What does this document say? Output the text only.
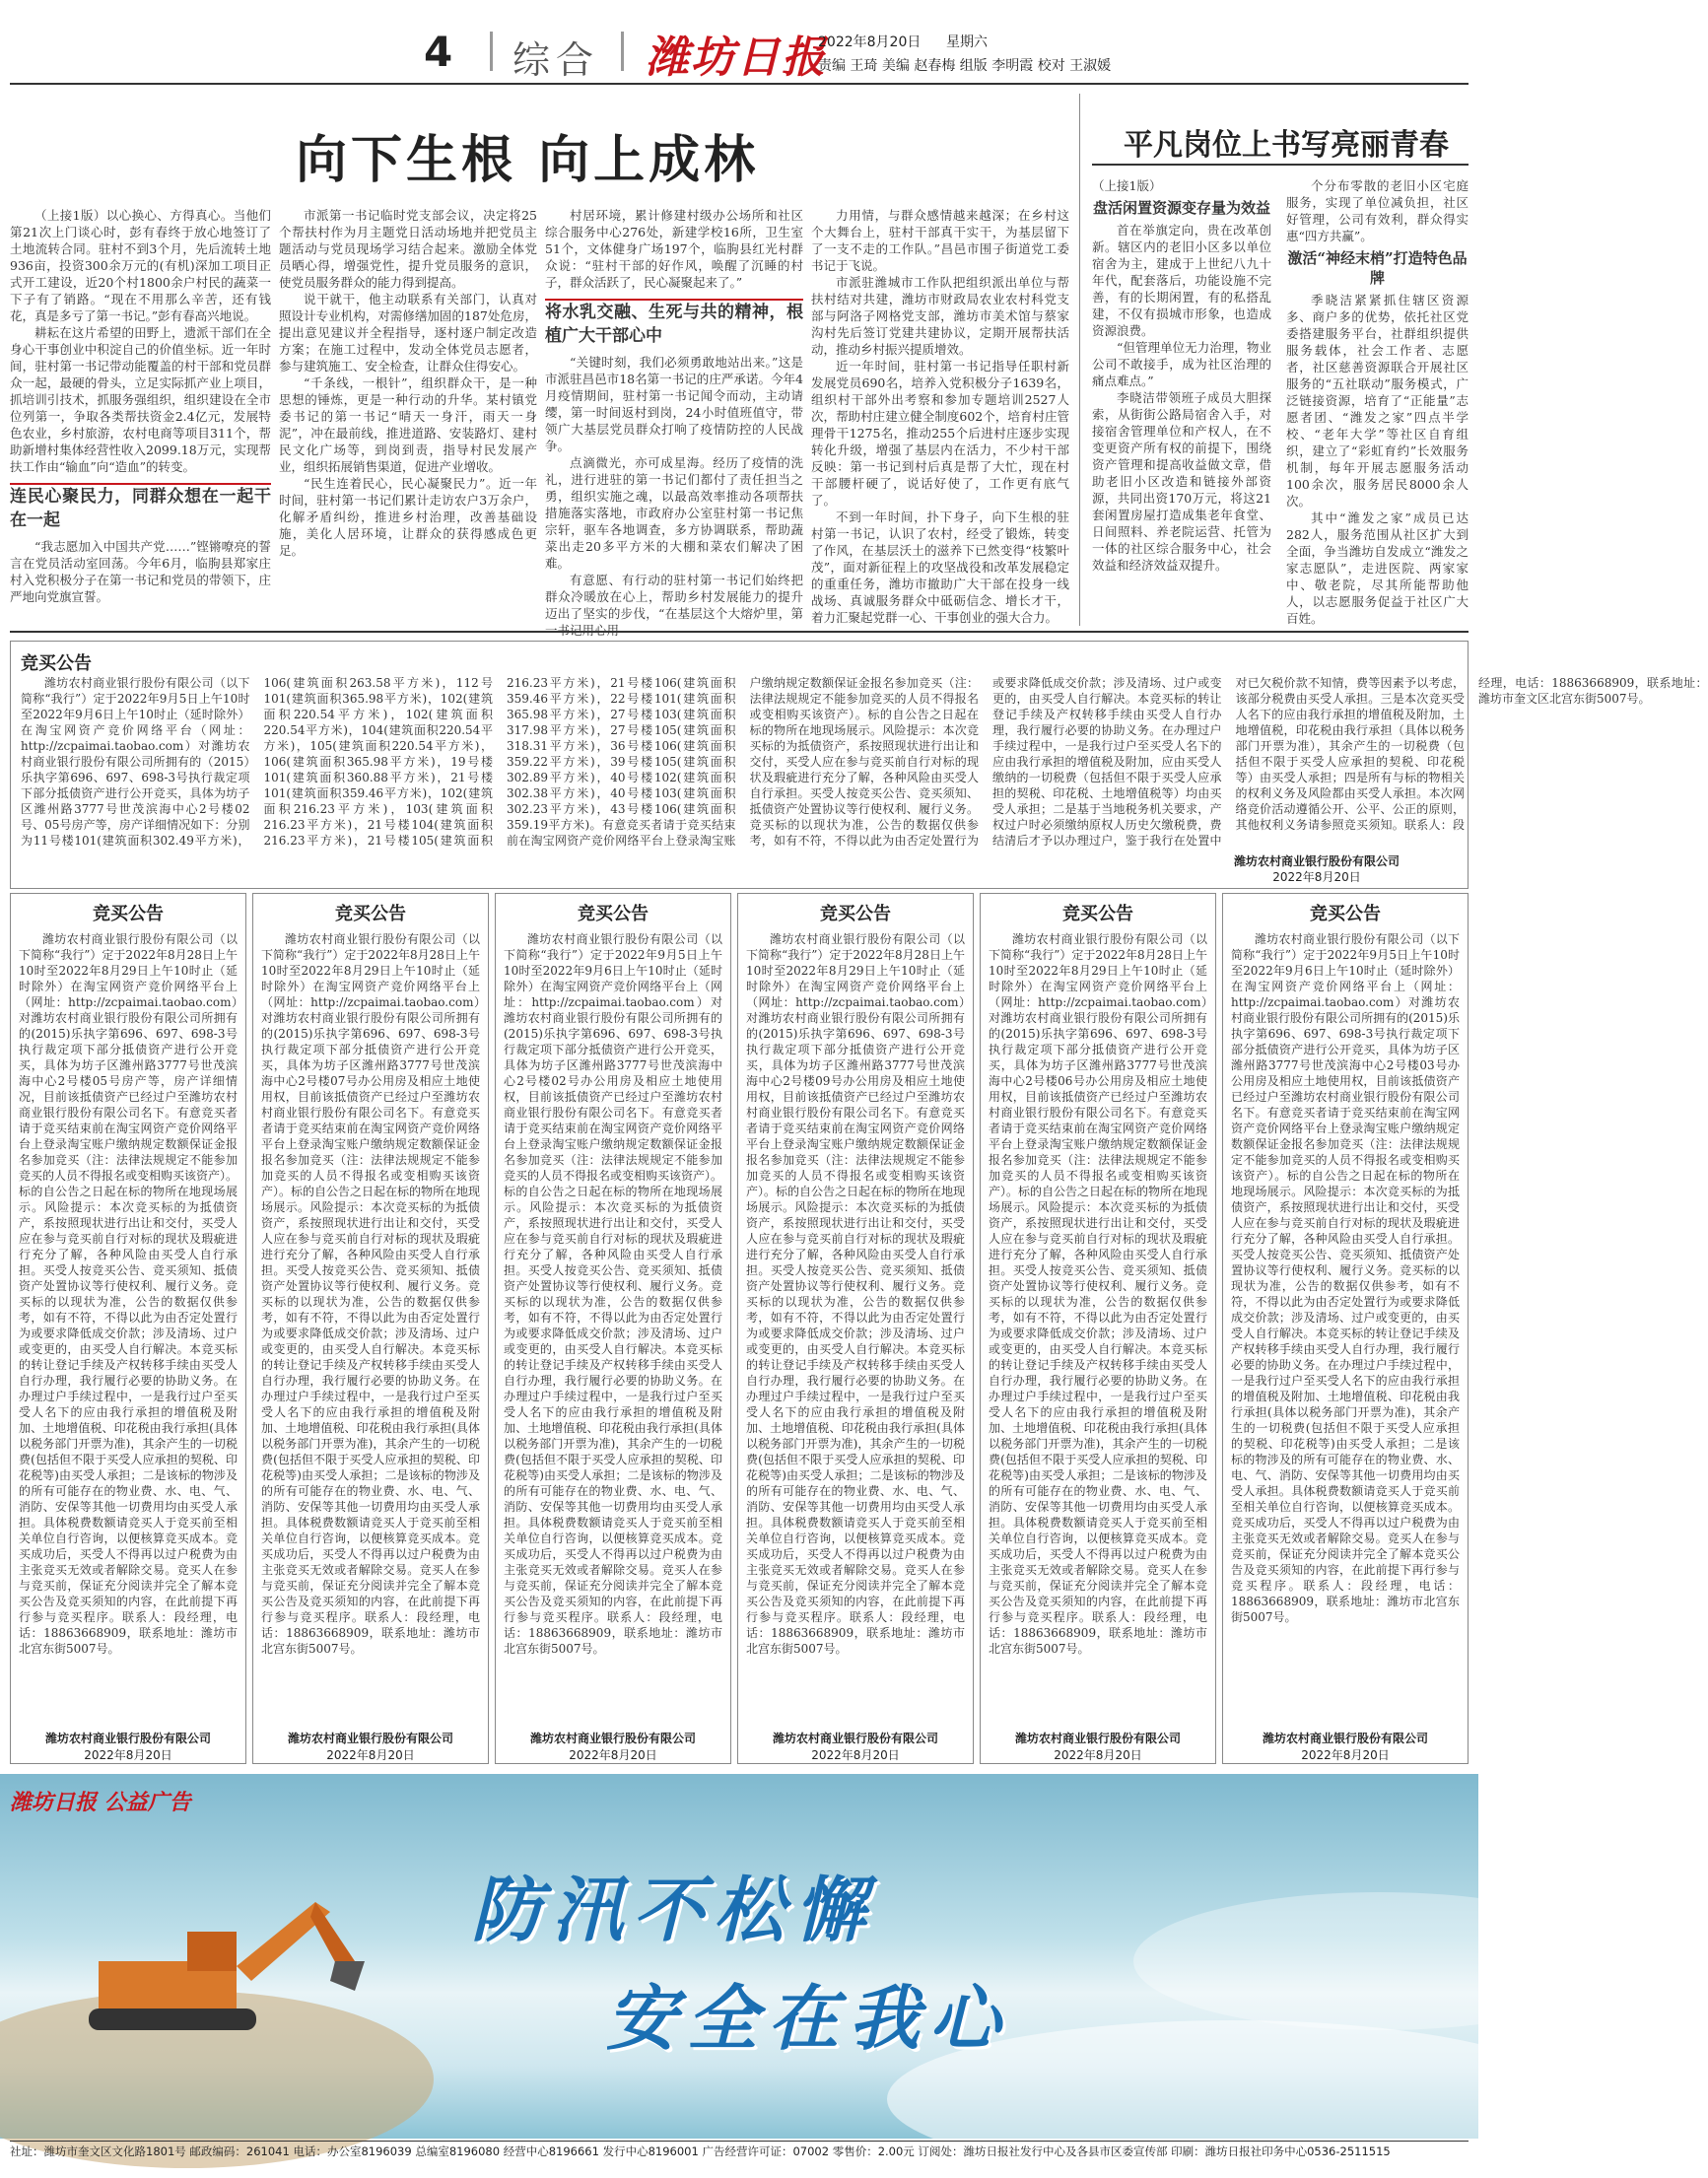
4 综合 潍坊日报
2022年8月20日 星期六
责编 王琦 美编 赵春梅 组版 李明霞 校对 王淑媛
向下生根 向上成林

（上接1版）以心换心、方得真心。当他们第21次上门谈心时，彭有春终于放心地签订了土地流转合同。驻村不到3个月，先后流转土地936亩，投资300余万元的(有机)深加工项目正式开工建设，近20个村1800余户村民的蔬菜一下子有了销路。“现在不用那么辛苦，还有钱花，真是多亏了第一书记。”彭有春高兴地说。

耕耘在这片希望的田野上，遗派干部们在全身心干事创业中积淀自己的价值坐标。近一年时间，驻村第一书记带动能覆盖的村干部和党员群众一起，最硬的骨头，立足实际抓产业上项目，抓培训引技术，抓服务强组织，组织建设在全市位列第一，争取各类帮扶资金2.4亿元，发展特色农业，乡村旅游，农村电商等项目311个，帮助新增村集体经营性收入2099.18万元，实现帮扶工作由“输血”向“造血”的转变。

连民心聚民力，同群众想在一起干在一起

“我志愿加入中国共产党……”铿锵嘹亮的誓言在党员活动室回荡。今年6月，临朐县郑家庄村入党积极分子在第一书记和党员的带领下，庄严地向党旗宣誓。

市派第一书记临时党支部会议，决定将25个帮扶村作为月主题党日活动场地并把党员主题活动与党员现场学习结合起来。激励全体党员晒心得，增强党性，提升党员服务的意识，使党员服务群众的能力得到提高。

说干就干，他主动联系有关部门，认真对照设计专业机构，对需修缮加固的187处危房，提出意见建议并全程指导，逐村逐户制定改造方案；在施工过程中，发动全体党员志愿者，参与建筑施工、安全检查，让群众住得安心。

“千条线，一根针”，组织群众干，是一种思想的锤炼，更是一种行动的升华。某村镇党委书记的第一书记“晴天一身汗，雨天一身泥”，冲在最前线，推进道路、安装路灯、建村民文化广场等，到岗到责，指导村民发展产业，组织拓展销售渠道，促进产业增收。

“民生连着民心，民心凝聚民力”。近一年时间，驻村第一书记们累计走访农户3万余户，化解矛盾纠纷，推进乡村治理，改善基础设施，美化人居环境，让群众的获得感成色更足。

村居环境，累计修建村级办公场所和社区综合服务中心276处，新建学校16所，卫生室51个，文体健身广场197个，临朐县红光村群众说：“驻村干部的好作风，唤醒了沉睡的村子，群众活跃了，民心凝聚起来了。”

将水乳交融、生死与共的精神，根植广大干部心中

“关键时刻，我们必须勇敢地站出来。”这是市派驻昌邑市18名第一书记的庄严承诺。今年4月疫情期间，驻村第一书记闻令而动，主动请缨，第一时间返村到岗，24小时值班值守，带领广大基层党员群众打响了疫情防控的人民战争。

点滴微光，亦可成星海。经历了疫情的洗礼，进行进驻的第一书记们都付了责任担当之勇，组织实施之魂，以最高效率推动各项帮扶措施落实落地，市政府办公室驻村第一书记焦宗轩，驱车各地调查，多方协调联系，帮助蔬菜出走20多平方米的大棚和菜农们解决了困难。

有意愿、有行动的驻村第一书记们始终把群众冷暖放在心上，帮助乡村发展能力的提升迈出了坚实的步伐，“在基层这个大熔炉里，第

力用情，与群众感情越来越深；在乡村这个大舞台上，驻村干部真干实干，为基层留下了一支不走的工作队。”昌邑市围子街道党工委书记于飞说。

市派驻潍城市工作队把组织派出单位与帮扶村结对共建，潍坊市财政局农业农村科党支部与阿洛子网格党支部，潍坊市美术馆与蔡家沟村先后签订党建共建协议，定期开展帮扶活动，推动乡村振兴提质增效。

近一年时间，驻村第一书记指导任职村新发展党员690名，培养入党积极分子1639名，组织村干部外出考察和参加专题培训2527人次，帮助村庄建立健全制度602个，培育村庄管理骨干1275名，推动255个后进村庄逐步实现转化升级，增强了基层内在活力，不少村干部反映：第一书记到村后真是帮了大忙，现在村干部腰杆硬了，说话好使了，工作更有底气了。

不到一年时间，扑下身子，向下生根的驻村第一书记，认识了农村，经受了锻炼，转变了作风，在基层沃土的滋养下已然变得“枝繁叶茂”，面对新征程上的攻坚战役和改革发展稳定的重重任务，潍坊市撤助广大干部在投身一线战场、真诚服务群众中砥砺信念、增长才干，着力汇聚起党群一心、干事创业的强大合力。

平凡岗位上书写亮丽青春
（上接1版）
盘活闲置资源变存量为效益

首在举旗定向，贵在改革创新。辖区内的老旧小区多以单位宿舍为主，建成于上世纪八九十年代，配套落后，功能设施不完善，有的长期闲置，有的私搭乱建，不仅有损城市形象，也造成资源浪费。

“但管理单位无力治理，物业公司不敢接手，成为社区治理的痛点难点。”

李晓洁带领班子成员大胆探索，从街街公路局宿舍入手，对接宿舍管理单位和产权人，在不变更资产所有权的前提下，围绕资产管理和提高收益做文章，借助老旧小区改造和链接外部资源，共同出资170万元，将这21套闲置房屋打造成集老年食堂、日间照料、养老院运营、托管为一体的社区综合服务中心，社会效益和经济效益双提升。

个分布零散的老旧小区宅庭服务，实现了单位减负担，社区好管理，公司有效利，群众得实惠“四方共赢”。

激活“神经末梢”打造特色品牌

季晓洁紧紧抓住辖区资源多、商户多的优势，依托社区党委搭建服务平台，社群组织提供服务载体，社会工作者、志愿者，社区慈善资源联合开展社区服务的“五社联动”服务模式，广泛链接资源，培育了“正能量”志愿者团、“潍发之家”四点半学校、“老年大学”等社区自育组织，建立了“彩虹育约”长效服务机制，每年开展志愿服务活动100余次，服务居民8000余人次。

其中“潍发之家”成员已达282人，服务范围从社区扩大到全面，争当潍坊自发成立“潍发之家志愿队”，走进医院、两家家中、敬老院，尽其所能帮助他人，以志愿服务促益于社区广大百姓。

竞买公告
潍坊农村商业银行股份有限公司（以下简称“我行”）定于2022年9月5日上午10时至2022年9月6日上午10时止（延时除外）在淘宝网资产竞价网络平台（网址：http://zcpaimai.taobao.com）对潍坊农村商业银行股份有限公司所拥有的（2015）乐执字第696、697、698-3号执行裁定项下部分抵债资产进行公开竞买，具体为坊子区潍州路3777号世茂滨海中心2号楼02号、05号房产等，房产详细情况如下：分别为11号楼101(建筑面积302.49平方米)，106(建筑面积263.58平方米)，112号101(建筑面积365.98平方米)，102(建筑面积220.54平方米)，102(建筑面积220.54平方米)，104(建筑面积220.54平方米)，105(建筑面积220.54平方米)，106(建筑面积365.98平方米)，19号楼101(建筑面积360.88平方米)，21号楼101(建筑面积359.46平方米)，102(建筑面积216.23平方米)，103(建筑面积216.23平方米)，21号楼104(建筑面积216.23平方米)，21号楼105(建筑面积216.23平方米)，21号楼106(建筑面积359.46平方米)，22号楼101(建筑面积365.98平方米)，27号楼103(建筑面积317.98平方米)，27号楼105(建筑面积318.31平方米)，36号楼106(建筑面积359.22平方米)，39号楼105(建筑面积302.89平方米)，40号楼102(建筑面积302.38平方米)，40号楼103(建筑面积302.23平方米)，43号楼106(建筑面积359.19平方米)。有意竞买者请于竞买结束前在淘宝网资产竞价网络平台上登录淘宝账户缴纳规定数额保证金报名参加竞买（注：法律法规规定不能参加竞买的人员不得报名或变相购买该资产）。标的自公告之日起在标的物所在地现场展示。风险提示：本次竞买标的为抵债资产，系按照现状进行出让和交付，买受人应在参与竞买前自行对标的现状及瑕疵进行充分了解，各种风险由买受人自行承担。买受人按竞买公告、竞买须知、抵债资产处置协议等行使权利、履行义务。竞买标的以现状为准，公告的数据仅供参考，如有不符，不得以此为由否定处置行为或要求降低成交价款；涉及清场、过户或变更的，由买受人自行解决。本竞买标的转让登记手续及产权转移手续由买受人自行办理，我行履行必要的协助义务。在办理过户手续过程中，一是我行过户至买受人名下的应由我行承担的增值税及附加，应由买受人缴纳的一切税费（包括但不限于买受人应承担的契税、印花税、土地增值税等）均由买受人承担；二是基于当地税务机关要求，产权过户时必须缴纳原权人历史欠缴税费，费结清后才予以办理过户，鉴于我行在处置中对已欠税价款不知情，费等因素予以考虑，该部分税费由买受人承担。三是本次竞买受人名下的应由我行承担的增值税及附加，土地增值税，印花税由我行承担（具体以税务部门开票为准），其余产生的一切税费（包括但不限于买受人应承担的契税、印花税等）由买受人承担；四是所有与标的物相关的权利义务及风险都由买受人承担。本次网络竞价活动遵循公开、公平、公正的原则，其他权利义务请参照竞买须知。联系人：段经理，电话：18863668909，联系地址：潍坊市奎文区北宫东街5007号。
潍坊农村商业银行股份有限公司
2022年8月20日
竞买公告
潍坊农村商业银行股份有限公司（以下简称“我行”）定于2022年8月28日上午10时至2022年8月29日上午10时止（延时除外）在淘宝网资产竞价网络平台上（网址：http://zcpaimai.taobao.com）对潍坊农村商业银行股份有限公司所拥有的(2015)乐执字第696、697、698-3号执行裁定项下部分抵债资产进行公开竞买，具体为坊子区潍州路3777号世茂滨海中心2号楼05号房产等，房产详细情况，目前该抵债资产已经过户至潍坊农村商业银行股份有限公司名下。有意竞买者请于竞买结束前在淘宝网资产竞价网络平台上登录淘宝账户缴纳规定数额保证金报名参加竞买（注：法律法规规定不能参加竞买的人员不得报名或变相购买该资产）。标的自公告之日起在标的物所在地现场展示。风险提示：本次竞买标的为抵债资产，系按照现状进行出让和交付，买受人应在参与竞买前自行对标的现状及瑕疵进行充分了解，各种风险由买受人自行承担。买受人按竞买公告、竞买须知、抵债资产处置协议等行使权利、履行义务。竞买标的以现状为准，公告的数据仅供参考，如有不符，不得以此为由否定处置行为或要求降低成交价款；涉及清场、过户或变更的，由买受人自行解决。本竞买标的转让登记手续及产权转移手续由买受人自行办理，我行履行必要的协助义务。在办理过户手续过程中，一是我行过户至买受人名下的应由我行承担的增值税及附加、土地增值税、印花税由我行承担(具体以税务部门开票为准)，其余产生的一切税费(包括但不限于买受人应承担的契税、印花税等)由买受人承担；二是该标的物涉及的所有可能存在的物业费、水、电、气、消防、安保等其他一切费用均由买受人承担。具体税费数额请竞买人于竞买前至相关单位自行咨询，以便核算竞买成本。竞买成功后，买受人不得再以过户税费为由主张竞买无效或者解除交易。竞买人在参与竞买前，保证充分阅读并完全了解本竞买公告及竞买须知的内容，在此前提下再行参与竞买程序。联系人：段经理，电话：18863668909，联系地址：潍坊市北宫东街5007号。
潍坊农村商业银行股份有限公司
2022年8月20日
竞买公告
潍坊农村商业银行股份有限公司（以下简称“我行”）定于2022年8月28日上午10时至2022年8月29日上午10时止（延时除外）在淘宝网资产竞价网络平台上（网址：http://zcpaimai.taobao.com）对潍坊农村商业银行股份有限公司所拥有的(2015)乐执字第696、697、698-3号执行裁定项下部分抵债资产进行公开竞买，具体为坊子区潍州路3777号世茂滨海中心2号楼07号办公用房及相应土地使用权，目前该抵债资产已经过户至潍坊农村商业银行股份有限公司名下。有意竞买者请于竞买结束前在淘宝网资产竞价网络平台上登录淘宝账户缴纳规定数额保证金报名参加竞买（注：法律法规规定不能参加竞买的人员不得报名或变相购买该资产）。标的自公告之日起在标的物所在地现场展示。风险提示：本次竞买标的为抵债资产，系按照现状进行出让和交付，买受人应在参与竞买前自行对标的现状及瑕疵进行充分了解，各种风险由买受人自行承担。买受人按竞买公告、竞买须知、抵债资产处置协议等行使权利、履行义务。竞买标的以现状为准，公告的数据仅供参考，如有不符，不得以此为由否定处置行为或要求降低成交价款；涉及清场、过户或变更的，由买受人自行解决。本竞买标的转让登记手续及产权转移手续由买受人自行办理，我行履行必要的协助义务。在办理过户手续过程中，一是我行过户至买受人名下的应由我行承担的增值税及附加、土地增值税、印花税由我行承担(具体以税务部门开票为准)，其余产生的一切税费(包括但不限于买受人应承担的契税、印花税等)由买受人承担；二是该标的物涉及的所有可能存在的物业费、水、电、气、消防、安保等其他一切费用均由买受人承担。具体税费数额请竞买人于竞买前至相关单位自行咨询，以便核算竞买成本。竞买成功后，买受人不得再以过户税费为由主张竞买无效或者解除交易。竞买人在参与竞买前，保证充分阅读并完全了解本竞买公告及竞买须知的内容，在此前提下再行参与竞买程序。联系人：段经理，电话：18863668909，联系地址：潍坊市北宫东街5007号。
潍坊农村商业银行股份有限公司
2022年8月20日
竞买公告
潍坊农村商业银行股份有限公司（以下简称“我行”）定于2022年9月5日上午10时至2022年9月6日上午10时止（延时除外）在淘宝网资产竞价网络平台上（网址：http://zcpaimai.taobao.com）对潍坊农村商业银行股份有限公司所拥有的(2015)乐执字第696、697、698-3号执行裁定项下部分抵债资产进行公开竞买，具体为坊子区潍州路3777号世茂滨海中心2号楼02号办公用房及相应土地使用权，目前该抵债资产已经过户至潍坊农村商业银行股份有限公司名下。有意竞买者请于竞买结束前在淘宝网资产竞价网络平台上登录淘宝账户缴纳规定数额保证金报名参加竞买（注：法律法规规定不能参加竞买的人员不得报名或变相购买该资产）。标的自公告之日起在标的物所在地现场展示。风险提示：本次竞买标的为抵债资产，系按照现状进行出让和交付，买受人应在参与竞买前自行对标的现状及瑕疵进行充分了解，各种风险由买受人自行承担。买受人按竞买公告、竞买须知、抵债资产处置协议等行使权利、履行义务。竞买标的以现状为准，公告的数据仅供参考，如有不符，不得以此为由否定处置行为或要求降低成交价款；涉及清场、过户或变更的，由买受人自行解决。本竞买标的转让登记手续及产权转移手续由买受人自行办理，我行履行必要的协助义务。在办理过户手续过程中，一是我行过户至买受人名下的应由我行承担的增值税及附加、土地增值税、印花税由我行承担(具体以税务部门开票为准)，其余产生的一切税费(包括但不限于买受人应承担的契税、印花税等)由买受人承担；二是该标的物涉及的所有可能存在的物业费、水、电、气、消防、安保等其他一切费用均由买受人承担。具体税费数额请竞买人于竞买前至相关单位自行咨询，以便核算竞买成本。竞买成功后，买受人不得再以过户税费为由主张竞买无效或者解除交易。竞买人在参与竞买前，保证充分阅读并完全了解本竞买公告及竞买须知的内容，在此前提下再行参与竞买程序。联系人：段经理，电话：18863668909，联系地址：潍坊市北宫东街5007号。
潍坊农村商业银行股份有限公司
2022年8月20日
竞买公告
潍坊农村商业银行股份有限公司（以下简称“我行”）定于2022年8月28日上午10时至2022年8月29日上午10时止（延时除外）在淘宝网资产竞价网络平台上（网址：http://zcpaimai.taobao.com）对潍坊农村商业银行股份有限公司所拥有的(2015)乐执字第696、697、698-3号执行裁定项下部分抵债资产进行公开竞买，具体为坊子区潍州路3777号世茂滨海中心2号楼09号办公用房及相应土地使用权，目前该抵债资产已经过户至潍坊农村商业银行股份有限公司名下。有意竞买者请于竞买结束前在淘宝网资产竞价网络平台上登录淘宝账户缴纳规定数额保证金报名参加竞买（注：法律法规规定不能参加竞买的人员不得报名或变相购买该资产）。标的自公告之日起在标的物所在地现场展示。风险提示：本次竞买标的为抵债资产，系按照现状进行出让和交付，买受人应在参与竞买前自行对标的现状及瑕疵进行充分了解，各种风险由买受人自行承担。买受人按竞买公告、竞买须知、抵债资产处置协议等行使权利、履行义务。竞买标的以现状为准，公告的数据仅供参考，如有不符，不得以此为由否定处置行为或要求降低成交价款；涉及清场、过户或变更的，由买受人自行解决。本竞买标的转让登记手续及产权转移手续由买受人自行办理，我行履行必要的协助义务。在办理过户手续过程中，一是我行过户至买受人名下的应由我行承担的增值税及附加、土地增值税、印花税由我行承担(具体以税务部门开票为准)，其余产生的一切税费(包括但不限于买受人应承担的契税、印花税等)由买受人承担；二是该标的物涉及的所有可能存在的物业费、水、电、气、消防、安保等其他一切费用均由买受人承担。具体税费数额请竞买人于竞买前至相关单位自行咨询，以便核算竞买成本。竞买成功后，买受人不得再以过户税费为由主张竞买无效或者解除交易。竞买人在参与竞买前，保证充分阅读并完全了解本竞买公告及竞买须知的内容，在此前提下再行参与竞买程序。联系人：段经理，电话：18863668909，联系地址：潍坊市北宫东街5007号。
潍坊农村商业银行股份有限公司
2022年8月20日
竞买公告
潍坊农村商业银行股份有限公司（以下简称“我行”）定于2022年8月28日上午10时至2022年8月29日上午10时止（延时除外）在淘宝网资产竞价网络平台上（网址：http://zcpaimai.taobao.com）对潍坊农村商业银行股份有限公司所拥有的(2015)乐执字第696、697、698-3号执行裁定项下部分抵债资产进行公开竞买，具体为坊子区潍州路3777号世茂滨海中心2号楼06号办公用房及相应土地使用权，目前该抵债资产已经过户至潍坊农村商业银行股份有限公司名下。有意竞买者请于竞买结束前在淘宝网资产竞价网络平台上登录淘宝账户缴纳规定数额保证金报名参加竞买（注：法律法规规定不能参加竞买的人员不得报名或变相购买该资产）。标的自公告之日起在标的物所在地现场展示。风险提示：本次竞买标的为抵债资产，系按照现状进行出让和交付，买受人应在参与竞买前自行对标的现状及瑕疵进行充分了解，各种风险由买受人自行承担。买受人按竞买公告、竞买须知、抵债资产处置协议等行使权利、履行义务。竞买标的以现状为准，公告的数据仅供参考，如有不符，不得以此为由否定处置行为或要求降低成交价款；涉及清场、过户或变更的，由买受人自行解决。本竞买标的转让登记手续及产权转移手续由买受人自行办理，我行履行必要的协助义务。在办理过户手续过程中，一是我行过户至买受人名下的应由我行承担的增值税及附加、土地增值税、印花税由我行承担(具体以税务部门开票为准)，其余产生的一切税费(包括但不限于买受人应承担的契税、印花税等)由买受人承担；二是该标的物涉及的所有可能存在的物业费、水、电、气、消防、安保等其他一切费用均由买受人承担。具体税费数额请竞买人于竞买前至相关单位自行咨询，以便核算竞买成本。竞买成功后，买受人不得再以过户税费为由主张竞买无效或者解除交易。竞买人在参与竞买前，保证充分阅读并完全了解本竞买公告及竞买须知的内容，在此前提下再行参与竞买程序。联系人：段经理，电话：18863668909，联系地址：潍坊市北宫东街5007号。
潍坊农村商业银行股份有限公司
2022年8月20日
竞买公告
潍坊农村商业银行股份有限公司（以下简称“我行”）定于2022年9月5日上午10时至2022年9月6日上午10时止（延时除外）在淘宝网资产竞价网络平台上（网址：http://zcpaimai.taobao.com）对潍坊农村商业银行股份有限公司所拥有的(2015)乐执字第696、697、698-3号执行裁定项下部分抵债资产进行公开竞买，具体为坊子区潍州路3777号世茂滨海中心2号楼03号办公用房及相应土地使用权，目前该抵债资产已经过户至潍坊农村商业银行股份有限公司名下。有意竞买者请于竞买结束前在淘宝网资产竞价网络平台上登录淘宝账户缴纳规定数额保证金报名参加竞买（注：法律法规规定不能参加竞买的人员不得报名或变相购买该资产）。标的自公告之日起在标的物所在地现场展示。风险提示：本次竞买标的为抵债资产，系按照现状进行出让和交付，买受人应在参与竞买前自行对标的现状及瑕疵进行充分了解，各种风险由买受人自行承担。买受人按竞买公告、竞买须知、抵债资产处置协议等行使权利、履行义务。竞买标的以现状为准，公告的数据仅供参考，如有不符，不得以此为由否定处置行为或要求降低成交价款；涉及清场、过户或变更的，由买受人自行解决。本竞买标的转让登记手续及产权转移手续由买受人自行办理，我行履行必要的协助义务。在办理过户手续过程中，一是我行过户至买受人名下的应由我行承担的增值税及附加、土地增值税、印花税由我行承担(具体以税务部门开票为准)，其余产生的一切税费(包括但不限于买受人应承担的契税、印花税等)由买受人承担；二是该标的物涉及的所有可能存在的物业费、水、电、气、消防、安保等其他一切费用均由买受人承担。具体税费数额请竞买人于竞买前至相关单位自行咨询，以便核算竞买成本。竞买成功后，买受人不得再以过户税费为由主张竞买无效或者解除交易。竞买人在参与竞买前，保证充分阅读并完全了解本竞买公告及竞买须知的内容，在此前提下再行参与竞买程序。联系人：段经理，电话：18863668909，联系地址：潍坊市北宫东街5007号。
潍坊农村商业银行股份有限公司
2022年8月20日
潍坊日报 公益广告
防汛不松懈
安全在我心
社址：潍坊市奎文区文化路1801号 邮政编码：261041 电话：办公室8196039 总编室8196080 经营中心8196661 发行中心8196001 广告经营许可证：07002 零售价：2.00元 订阅处：潍坊日报社发行中心及各县市区委宣传部 印刷：潍坊日报社印务中心0536-2511515
